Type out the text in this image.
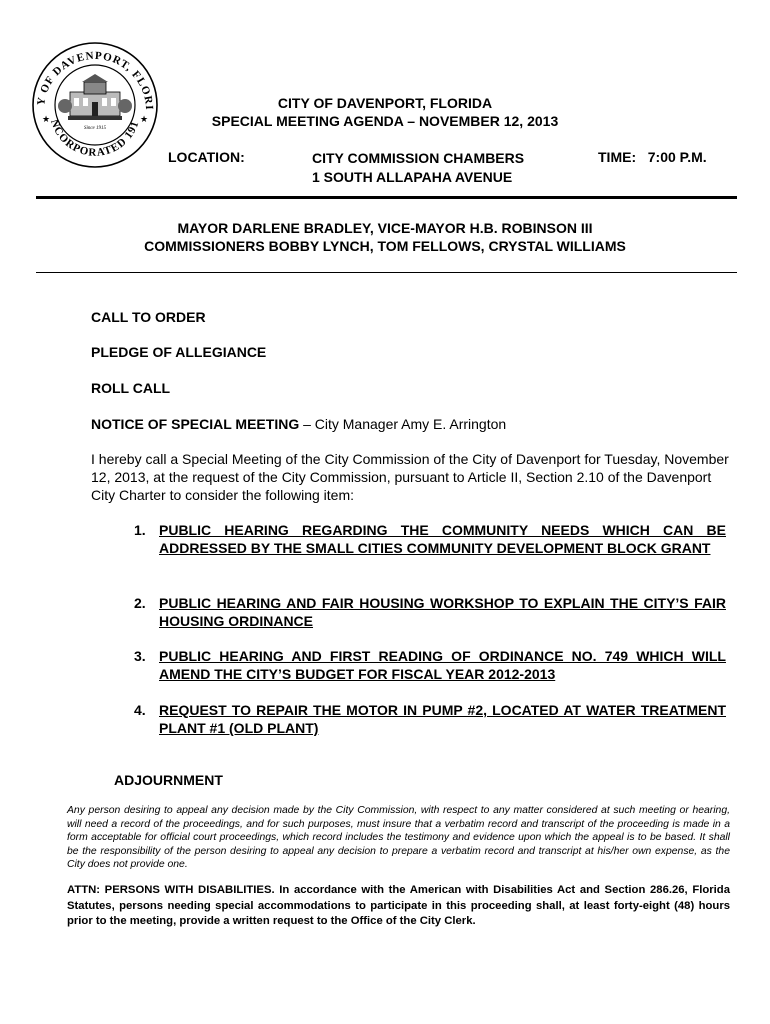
Y OF DAVENPORT, FLORI
NCORPORATED 191
★	★
Since 1915
CITY OF DAVENPORT, FLORIDA
SPECIAL MEETING AGENDA – NOVEMBER 12, 2013
LOCATION:	CITY COMMISSION CHAMBERS
1 SOUTH ALLAPAHA AVENUE
TIME:   7:00 P.M.
MAYOR DARLENE BRADLEY, VICE-MAYOR H.B. ROBINSON III
COMMISSIONERS BOBBY LYNCH, TOM FELLOWS, CRYSTAL WILLIAMS
CALL TO ORDER
PLEDGE OF ALLEGIANCE
ROLL CALL
NOTICE OF SPECIAL MEETING – City Manager Amy E. Arrington
I hereby call a Special Meeting of the City Commission of the City of Davenport for Tuesday, November 12, 2013, at the request of the City Commission, pursuant to Article II, Section 2.10 of the Davenport City Charter to consider the following item:
1. PUBLIC HEARING REGARDING THE COMMUNITY NEEDS WHICH CAN BE ADDRESSED BY THE SMALL CITIES COMMUNITY DEVELOPMENT BLOCK GRANT
2. PUBLIC HEARING AND FAIR HOUSING WORKSHOP TO EXPLAIN THE CITY’S FAIR HOUSING ORDINANCE
3. PUBLIC HEARING AND FIRST READING OF ORDINANCE NO. 749 WHICH WILL AMEND THE CITY’S BUDGET FOR FISCAL YEAR 2012-2013
4. REQUEST TO REPAIR THE MOTOR IN PUMP #2, LOCATED AT WATER TREATMENT PLANT #1 (OLD PLANT)
ADJOURNMENT
Any person desiring to appeal any decision made by the City Commission, with respect to any matter considered at such meeting or hearing, will need a record of the proceedings, and for such purposes, must insure that a verbatim record and transcript of the proceeding is made in a form acceptable for official court proceedings, which record includes the testimony and evidence upon which the appeal is to be based. It shall be the responsibility of the person desiring to appeal any decision to prepare a verbatim record and transcript at his/her own expense, as the City does not provide one.
ATTN: PERSONS WITH DISABILITIES. In accordance with the American with Disabilities Act and Section 286.26, Florida Statutes, persons needing special accommodations to participate in this proceeding shall, at least forty-eight (48) hours prior to the meeting, provide a written request to the Office of the City Clerk.
